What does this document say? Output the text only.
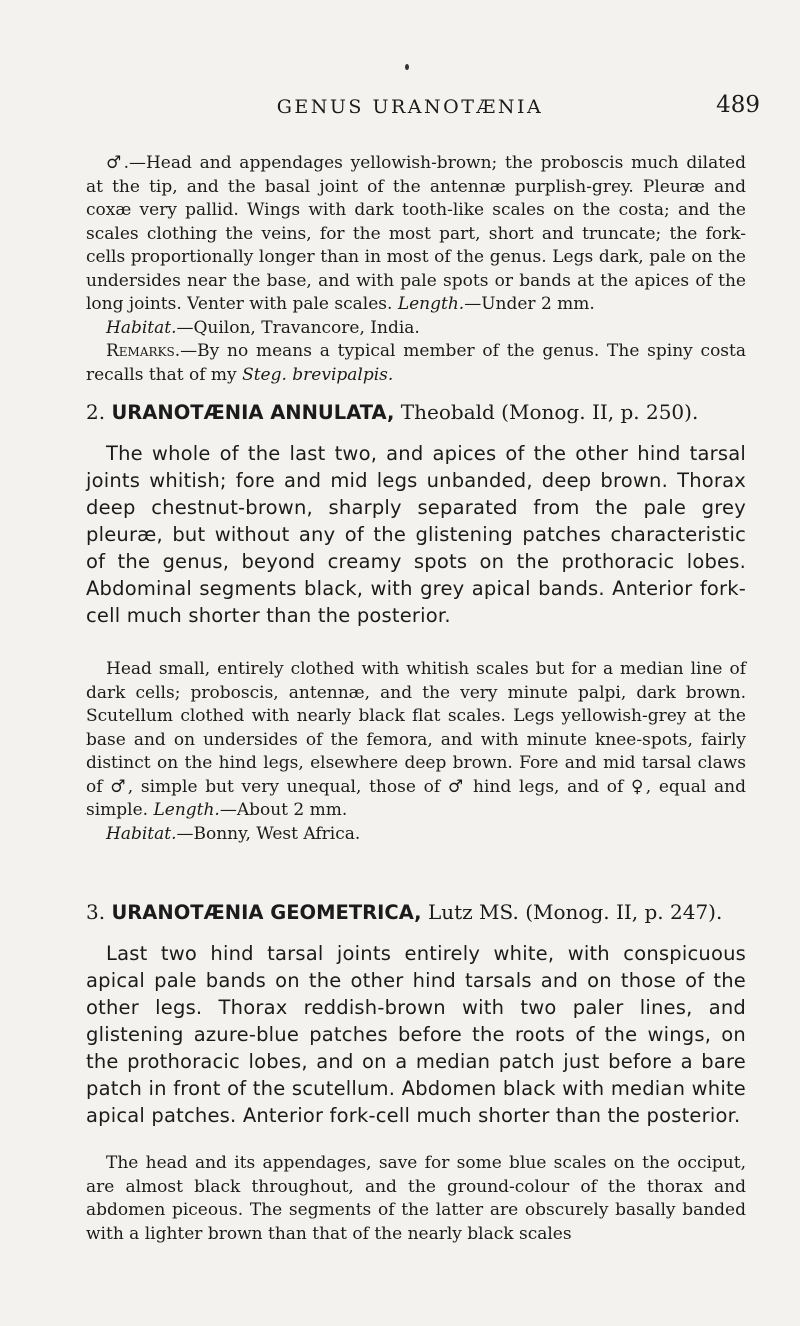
GENUS URANOTÆNIA	489

♂.—Head and appendages yellowish-brown; the proboscis much dilated at the tip, and the basal joint of the antennæ purplish-grey. Pleuræ and coxæ very pallid. Wings with dark tooth-like scales on the costa; and the scales clothing the veins, for the most part, short and truncate; the fork-cells proportionally longer than in most of the genus. Legs dark, pale on the undersides near the base, and with pale spots or bands at the apices of the long joints. Venter with pale scales. Length.—Under 2 mm.

Habitat.—Quilon, Travancore, India.

Remarks.—By no means a typical member of the genus. The spiny costa recalls that of my Steg. brevipalpis.

2. URANOTÆNIA ANNULATA, Theobald (Monog. II, p. 250).

The whole of the last two, and apices of the other hind tarsal joints whitish; fore and mid legs unbanded, deep brown. Thorax deep chestnut-brown, sharply separated from the pale grey pleuræ, but without any of the glistening patches characteristic of the genus, beyond creamy spots on the prothoracic lobes. Abdominal segments black, with grey apical bands. Anterior fork-cell much shorter than the posterior.

Head small, entirely clothed with whitish scales but for a median line of dark cells; proboscis, antennæ, and the very minute palpi, dark brown. Scutellum clothed with nearly black flat scales. Legs yellowish-grey at the base and on undersides of the femora, and with minute knee-spots, fairly distinct on the hind legs, elsewhere deep brown. Fore and mid tarsal claws of ♂, simple but very unequal, those of ♂ hind legs, and of ♀, equal and simple. Length.—About 2 mm.

Habitat.—Bonny, West Africa.

3. URANOTÆNIA GEOMETRICA, Lutz MS. (Monog. II, p. 247).

Last two hind tarsal joints entirely white, with conspicuous apical pale bands on the other hind tarsals and on those of the other legs. Thorax reddish-brown with two paler lines, and glistening azure-blue patches before the roots of the wings, on the prothoracic lobes, and on a median patch just before a bare patch in front of the scutellum. Abdomen black with median white apical patches. Anterior fork-cell much shorter than the posterior.

The head and its appendages, save for some blue scales on the occiput, are almost black throughout, and the ground-colour of the thorax and abdomen piceous. The segments of the latter are obscurely basally banded with a lighter brown than that of the nearly black scales
